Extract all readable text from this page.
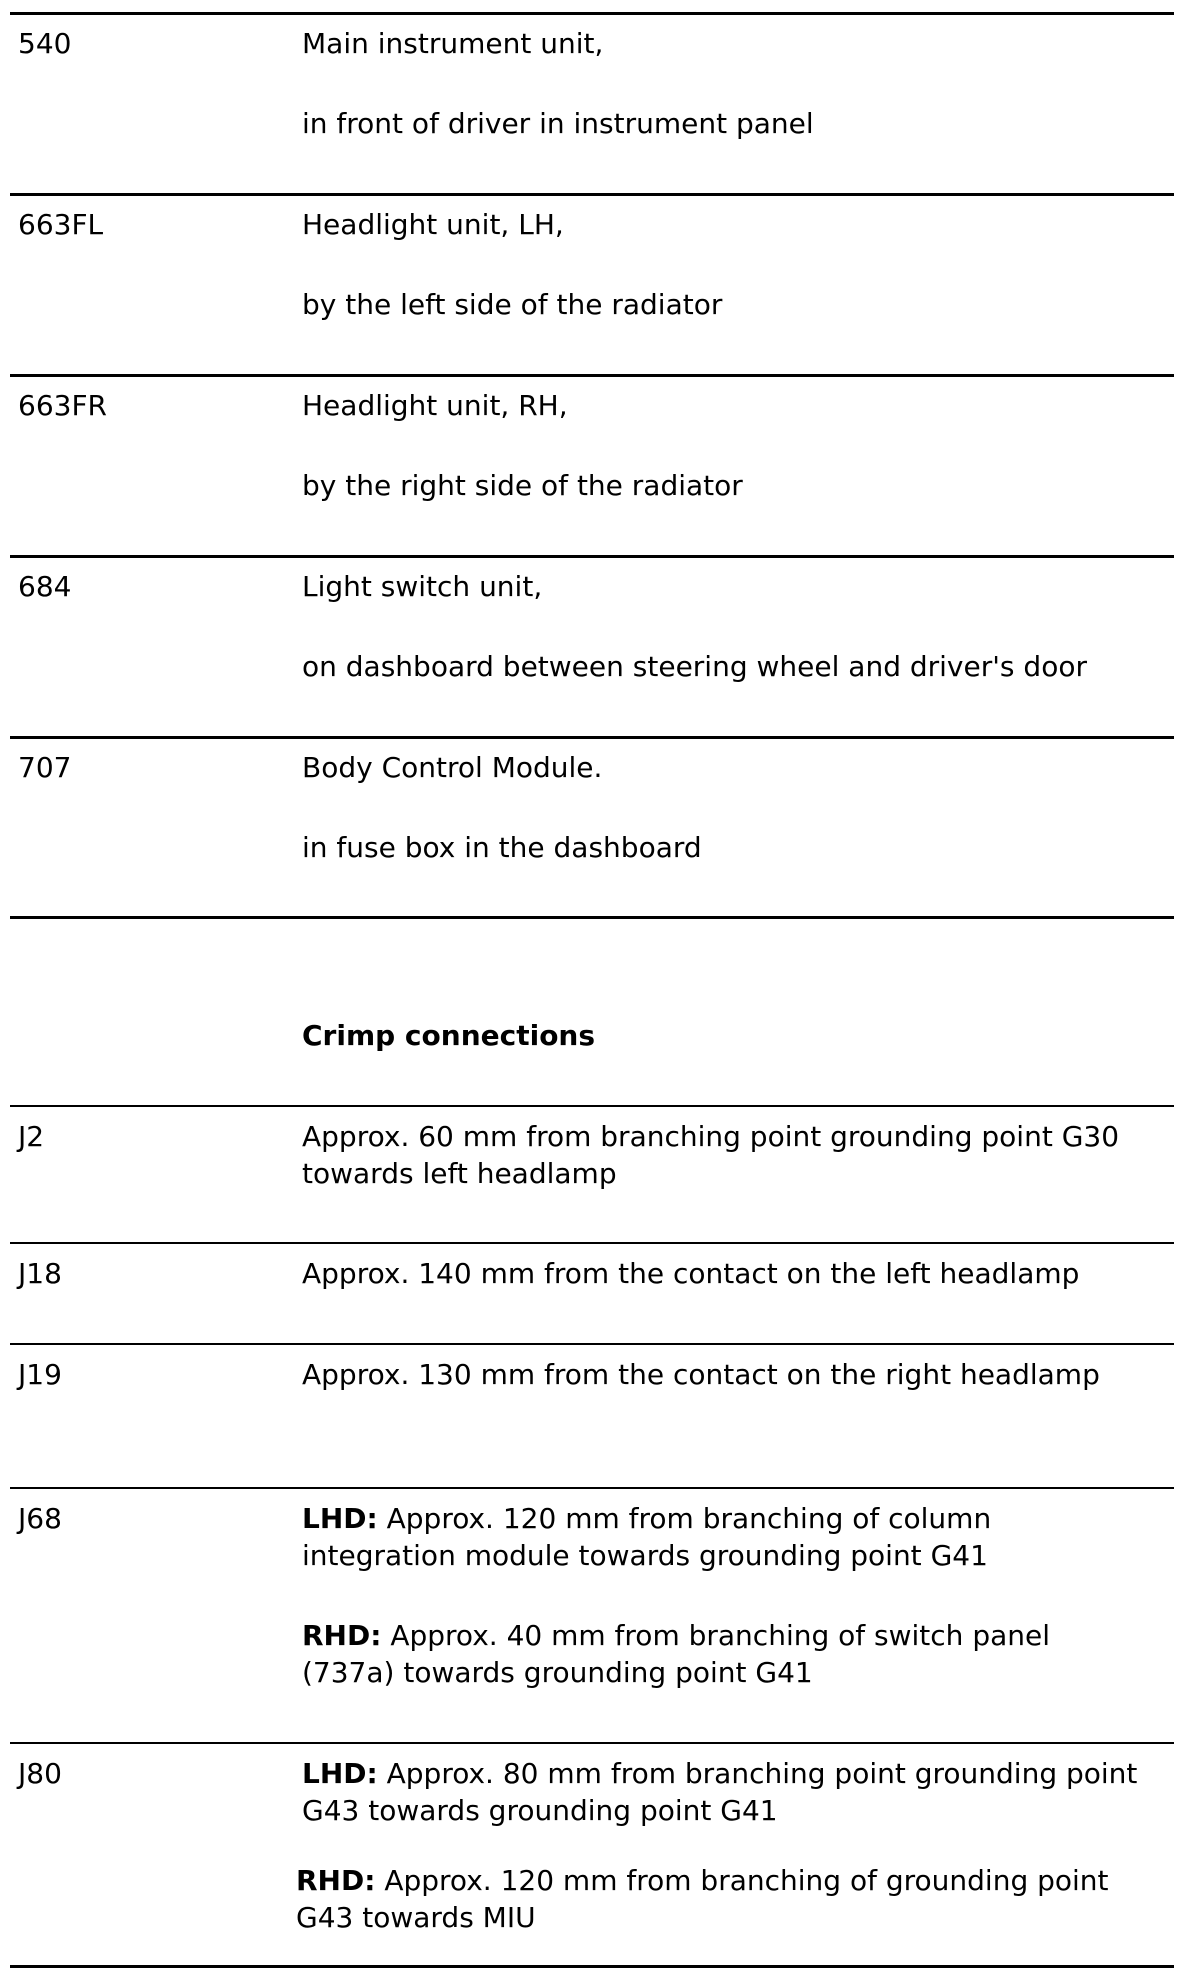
540	Main instrument unit,
in front of driver in instrument panel
663FL	Headlight unit, LH,
by the left side of the radiator
663FR	Headlight unit, RH,
by the right side of the radiator
684	Light switch unit,
on dashboard between steering wheel and driver's door
707	Body Control Module.
in fuse box in the dashboard
Crimp connections
J2	Approx. 60 mm from branching point grounding point G30 towards left headlamp
J18	Approx. 140 mm from the contact on the left headlamp
J19	Approx. 130 mm from the contact on the right headlamp
J68	LHD: Approx. 120 mm from branching of column integration module towards grounding point G41
RHD: Approx. 40 mm from branching of switch panel (737a) towards grounding point G41
J80	LHD: Approx. 80 mm from branching point grounding point G43 towards grounding point G41
RHD: Approx. 120 mm from branching of grounding point G43 towards MIU
